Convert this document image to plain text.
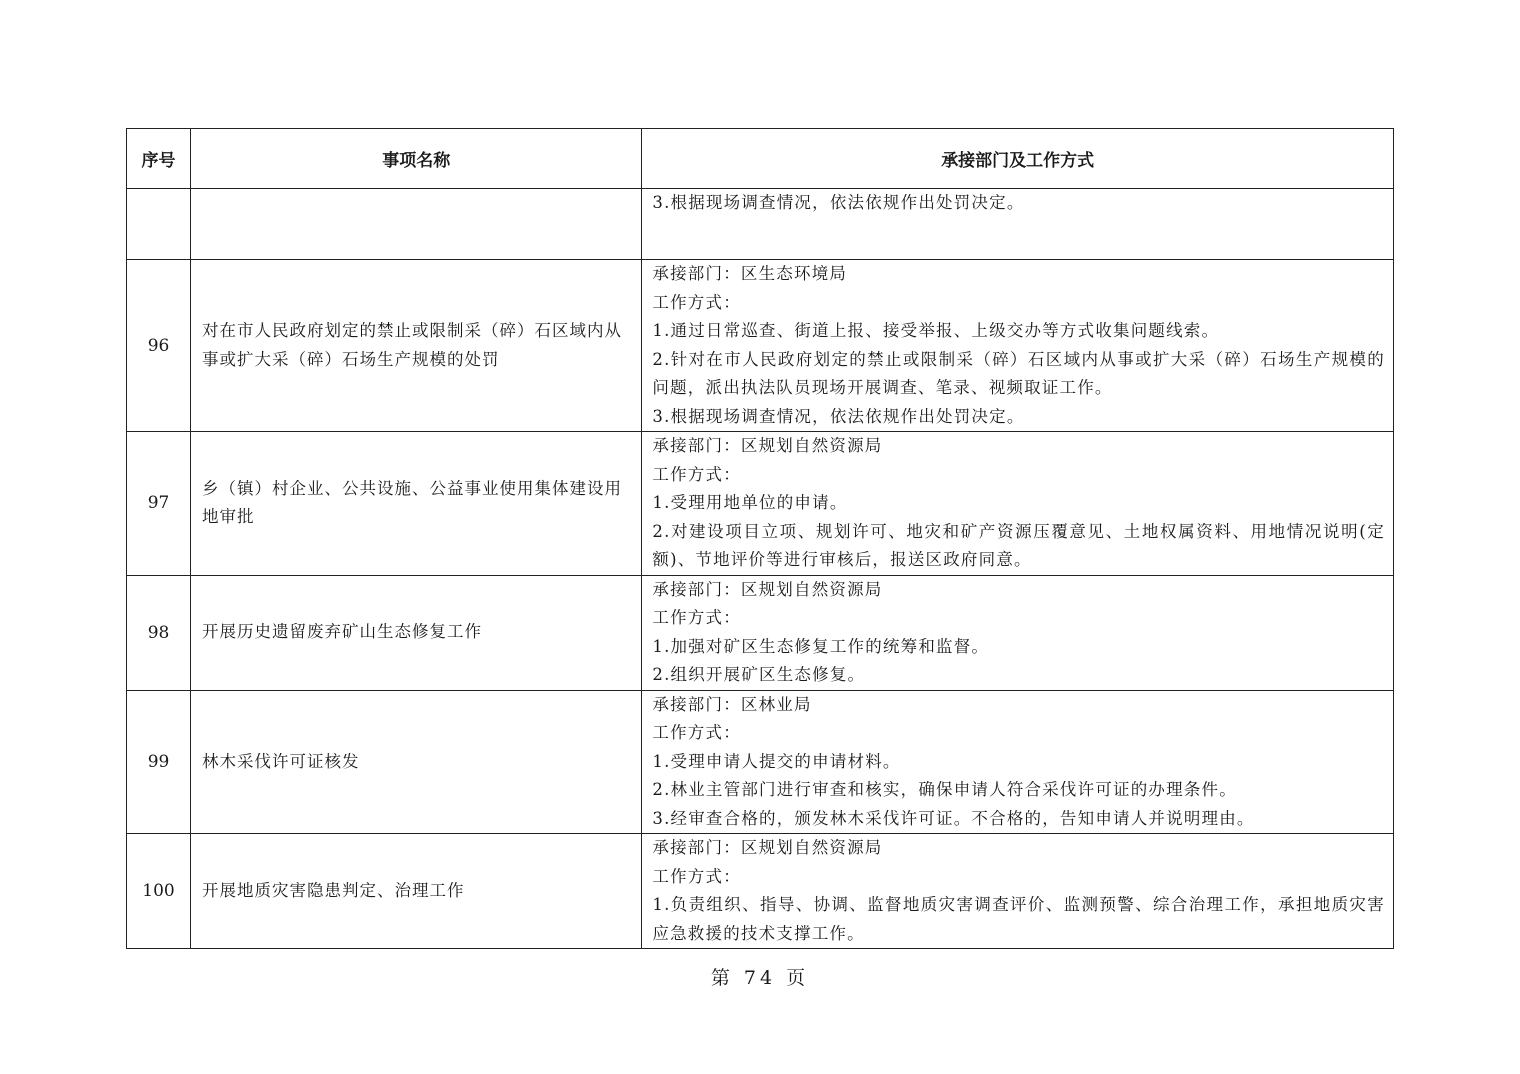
序号	事项名称	承接部门及工作方式

		3.根据现场调查情况，依法依规作出处罚决定。

96	对在市人民政府划定的禁止或限制采（碎）石区域内从事或扩大采（碎）石场生产规模的处罚	承接部门：区生态环境局
工作方式：
1.通过日常巡查、街道上报、接受举报、上级交办等方式收集问题线索。
2.针对在市人民政府划定的禁止或限制采（碎）石区域内从事或扩大采（碎）石场生产规模的问题，派出执法队员现场开展调查、笔录、视频取证工作。
3.根据现场调查情况，依法依规作出处罚决定。

97	乡（镇）村企业、公共设施、公益事业使用集体建设用地审批	承接部门：区规划自然资源局
工作方式：
1.受理用地单位的申请。
2.对建设项目立项、规划许可、地灾和矿产资源压覆意见、土地权属资料、用地情况说明(定额)、节地评价等进行审核后，报送区政府同意。

98	开展历史遗留废弃矿山生态修复工作	承接部门：区规划自然资源局
工作方式：
1.加强对矿区生态修复工作的统筹和监督。
2.组织开展矿区生态修复。

99	林木采伐许可证核发	承接部门：区林业局
工作方式：
1.受理申请人提交的申请材料。
2.林业主管部门进行审查和核实，确保申请人符合采伐许可证的办理条件。
3.经审查合格的，颁发林木采伐许可证。不合格的，告知申请人并说明理由。

100	开展地质灾害隐患判定、治理工作	承接部门：区规划自然资源局
工作方式：
1.负责组织、指导、协调、监督地质灾害调查评价、监测预警、综合治理工作，承担地质灾害应急救援的技术支撑工作。
第 74 页
